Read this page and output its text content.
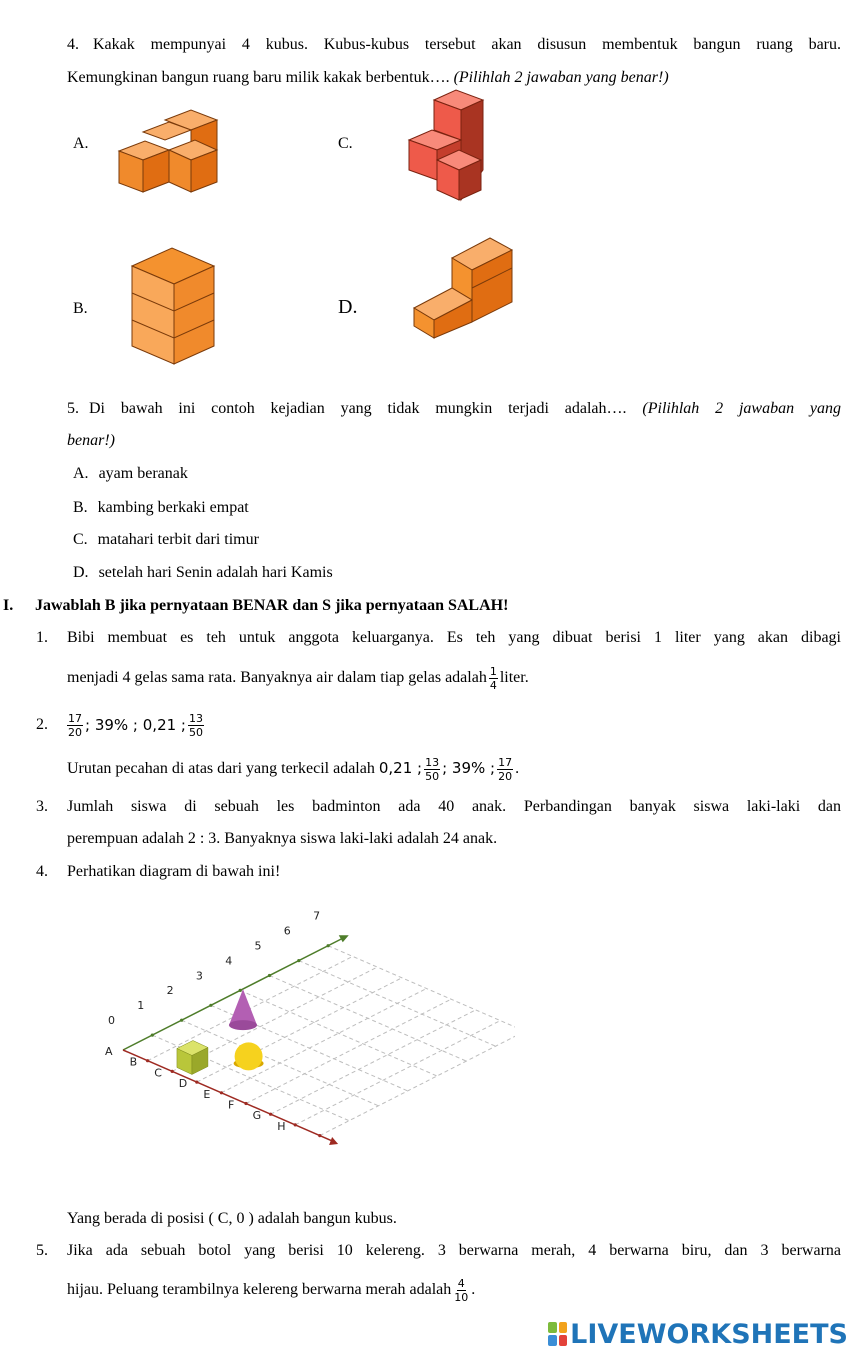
4. Kakak mempunyai 4 kubus. Kubus-kubus tersebut akan disusun membentuk bangun ruang baru.
Kemungkinan bangun ruang baru milik kakak berbentuk…. (Pilihlah 2 jawaban yang benar!)
A.	C.
B.	D.
5. Di bawah ini contoh kejadian yang tidak mungkin terjadi adalah…. (Pilihlah 2 jawaban yang
benar!)
A. ayam beranak
B. kambing berkaki empat
C. matahari terbit dari timur
D. setelah hari Senin adalah hari Kamis
I. Jawablah B jika pernyataan BENAR dan S jika pernyataan SALAH!
1. Bibi membuat es teh untuk anggota keluarganya. Es teh yang dibuat berisi 1 liter yang akan dibagi
menjadi 4 gelas sama rata. Banyaknya air dalam tiap gelas adalah $\frac{1}{4}$ liter.
2. $\frac{17}{20}$ ; 39% ; 0,21 ; $\frac{13}{50}$
Urutan pecahan di atas dari yang terkecil adalah 0,21 ; $\frac{13}{50}$ ; 39% ; $\frac{17}{20}$ .
3. Jumlah siswa di sebuah les badminton ada 40 anak. Perbandingan banyak siswa laki-laki dan
perempuan adalah 2 : 3. Banyaknya siswa laki-laki adalah 24 anak.
4. Perhatikan diagram di bawah ini!
0
1
2
3
4
5
6
7
A
B
C
D
E
F
G
H
Yang berada di posisi ( C, 0 ) adalah bangun kubus.
5. Jika ada sebuah botol yang berisi 10 kelereng. 3 berwarna merah, 4 berwarna biru, dan 3 berwarna
hijau. Peluang terambilnya kelereng berwarna merah adalah $\frac{4}{10}$ .
LIVEWORKSHEETS
